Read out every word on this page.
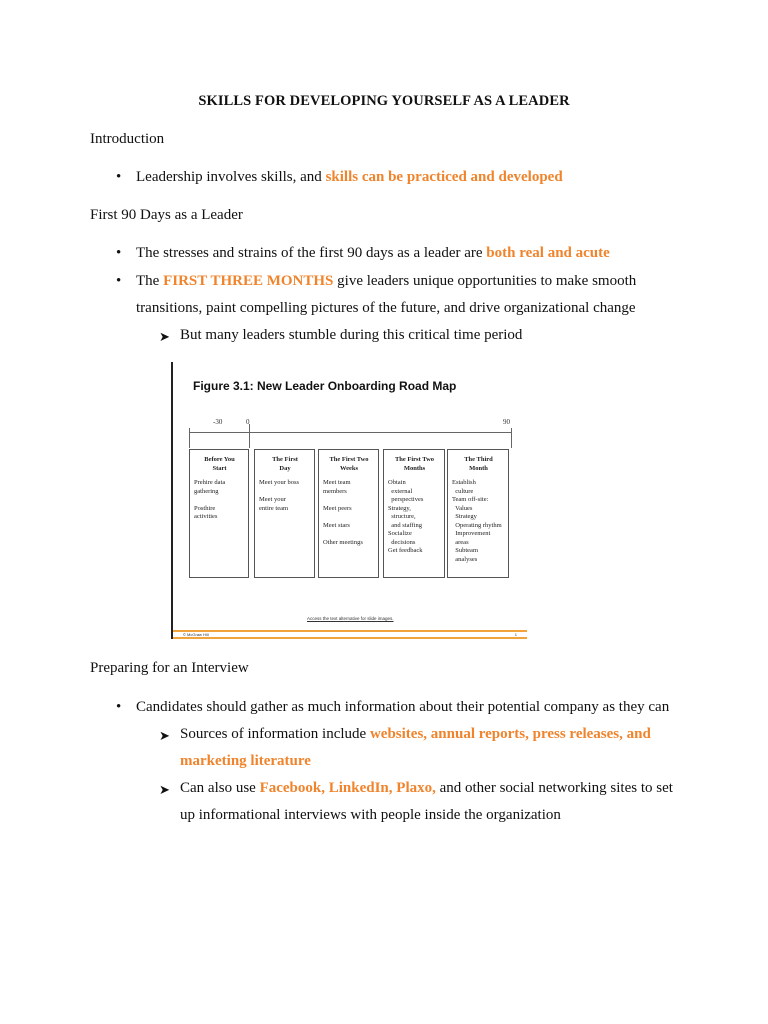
SKILLS FOR DEVELOPING YOURSELF AS A LEADER
Introduction
• Leadership involves skills, and skills can be practiced and developed
First 90 Days as a Leader
• The stresses and strains of the first 90 days as a leader are both real and acute
• The FIRST THREE MONTHS give leaders unique opportunities to make smooth
transitions, paint compelling pictures of the future, and drive organizational change
➤ But many leaders stumble during this critical time period
Figure 3.1: New Leader Onboarding Road Map
-30	0	90
Before You
Start
Prehire data
gathering

Posthire
activities
The First
Day
Meet your boss

Meet your
entire team
The First Two
Weeks
Meet team
members

Meet peers

Meet stars

Other meetings
The First Two
Months
Obtain
external
perspectives
Strategy,
structure,
and staffing
Socialize
decisions
Get feedback
The Third
Month
Establish
culture
Team off-site:
Values
Strategy
Operating rhythm
Improvement
areas
Subteam
analyses
Access the text alternative for slide images.
© McGraw Hill	1
Preparing for an Interview
• Candidates should gather as much information about their potential company as they can
➤ Sources of information include websites, annual reports, press releases, and
marketing literature
➤ Can also use Facebook, LinkedIn, Plaxo, and other social networking sites to set
up informational interviews with people inside the organization
